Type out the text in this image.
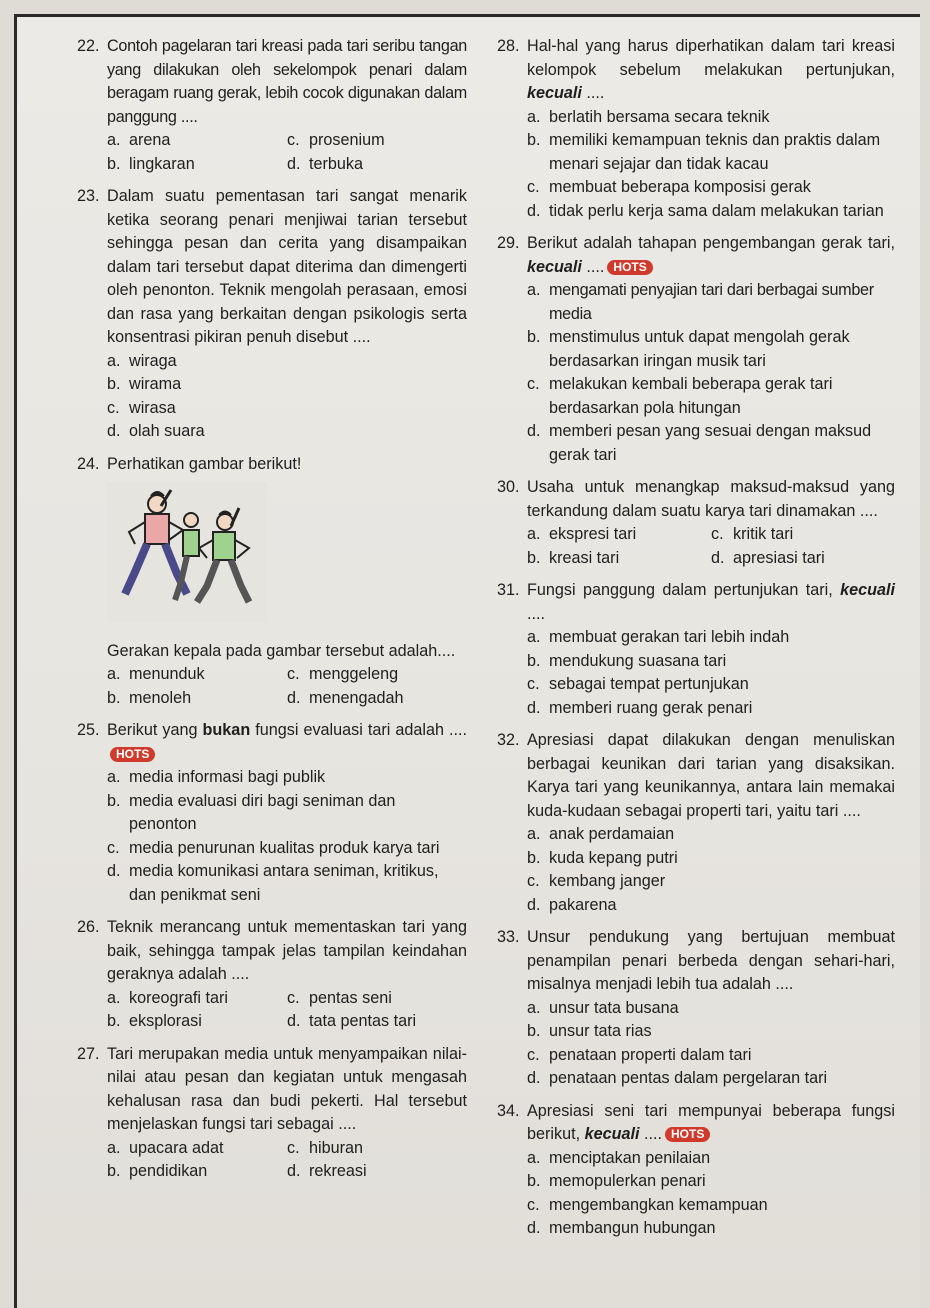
22. Contoh pagelaran tari kreasi pada tari seribu tangan yang dilakukan oleh sekelompok penari dalam beragam ruang gerak, lebih cocok digunakan dalam panggung ....
a. arena	c. prosenium
b. lingkaran	d. terbuka
23. Dalam suatu pementasan tari sangat menarik ketika seorang penari menjiwai tarian tersebut sehingga pesan dan cerita yang disampaikan dalam tari tersebut dapat diterima dan dimengerti oleh penonton. Teknik mengolah perasaan, emosi dan rasa yang berkaitan dengan psikologis serta konsentrasi pikiran penuh disebut ....
a. wiraga
b. wirama
c. wirasa
d. olah suara
24. Perhatikan gambar berikut!
Gerakan kepala pada gambar tersebut adalah....
a. menunduk	c. menggeleng
b. menoleh	d. menengadah
25. Berikut yang bukan fungsi evaluasi tari adalah ....HOTS
a. media informasi bagi publik
b. media evaluasi diri bagi seniman dan penonton
c. media penurunan kualitas produk karya tari
d. media komunikasi antara seniman, kritikus, dan penikmat seni
26. Teknik merancang untuk mementaskan tari yang baik, sehingga tampak jelas tampilan keindahan geraknya adalah ....
a. koreografi tari	c. pentas seni
b. eksplorasi	d. tata pentas tari
27. Tari merupakan media untuk menyampaikan nilai-nilai atau pesan dan kegiatan untuk mengasah kehalusan rasa dan budi pekerti. Hal tersebut menjelaskan fungsi tari sebagai ....
a. upacara adat	c. hiburan
b. pendidikan	d. rekreasi
28. Hal-hal yang harus diperhatikan dalam tari kreasi kelompok sebelum melakukan pertunjukan, kecuali ....
a. berlatih bersama secara teknik
b. memiliki kemampuan teknis dan praktis dalam menari sejajar dan tidak kacau
c. membuat beberapa komposisi gerak
d. tidak perlu kerja sama dalam melakukan tarian
29. Berikut adalah tahapan pengembangan gerak tari, kecuali .... HOTS
a. mengamati penyajian tari dari berbagai sumber media
b. menstimulus untuk dapat mengolah gerak berdasarkan iringan musik tari
c. melakukan kembali beberapa gerak tari berdasarkan pola hitungan
d. memberi pesan yang sesuai dengan maksud gerak tari
30. Usaha untuk menangkap maksud-maksud yang terkandung dalam suatu karya tari dinamakan ....
a. ekspresi tari	c. kritik tari
b. kreasi tari	d. apresiasi tari
31. Fungsi panggung dalam pertunjukan tari, kecuali ....
a. membuat gerakan tari lebih indah
b. mendukung suasana tari
c. sebagai tempat pertunjukan
d. memberi ruang gerak penari
32. Apresiasi dapat dilakukan dengan menuliskan berbagai keunikan dari tarian yang disaksikan. Karya tari yang keunikannya, antara lain memakai kuda-kudaan sebagai properti tari, yaitu tari ....
a. anak perdamaian
b. kuda kepang putri
c. kembang janger
d. pakarena
33. Unsur pendukung yang bertujuan membuat penampilan penari berbeda dengan sehari-hari, misalnya menjadi lebih tua adalah ....
a. unsur tata busana
b. unsur tata rias
c. penataan properti dalam tari
d. penataan pentas dalam pergelaran tari
34. Apresiasi seni tari mempunyai beberapa fungsi berikut, kecuali .... HOTS
a. menciptakan penilaian
b. memopulerkan penari
c. mengembangkan kemampuan
d. membangun hubungan
